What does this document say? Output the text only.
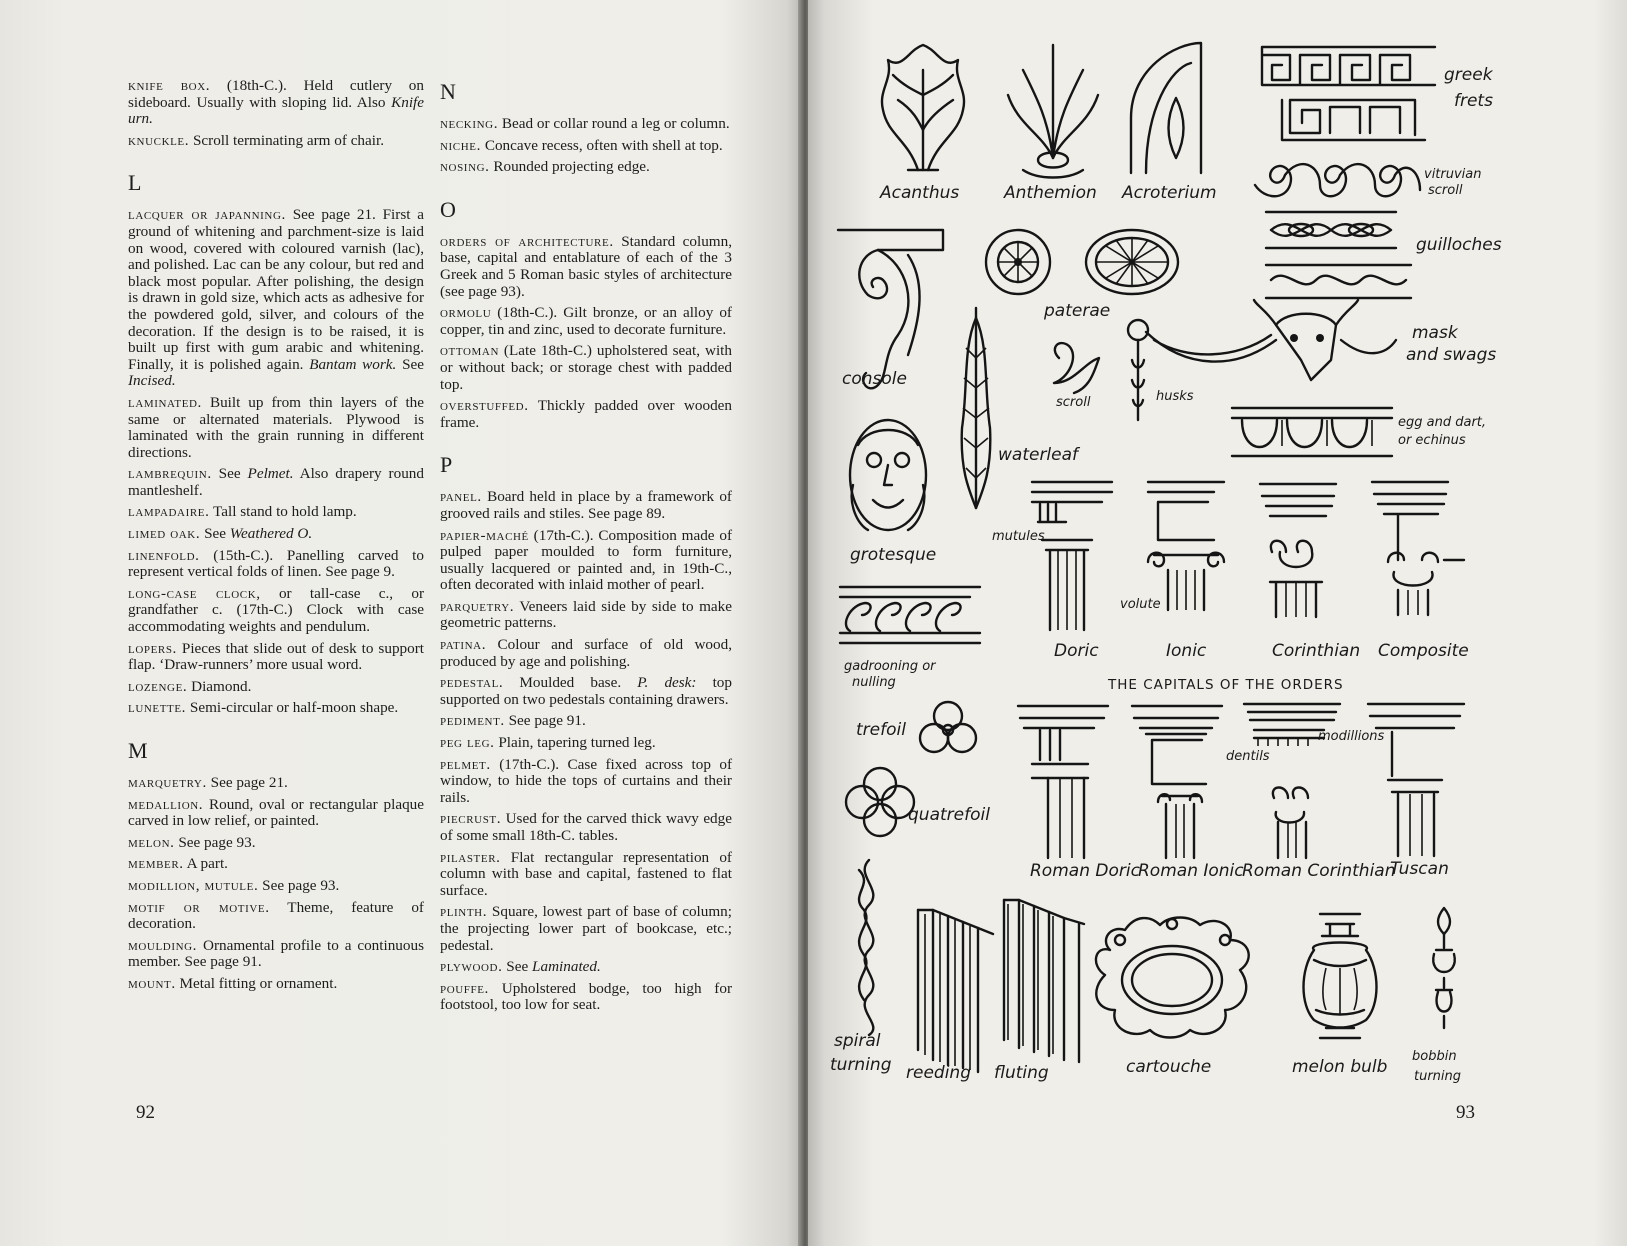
knife box. (18th-C.). Held cutlery on sideboard. Usually with sloping lid. Also Knife urn.
knuckle. Scroll terminating arm of chair.
L
lacquer or japanning. See page 21. First a ground of whitening and parchment-size is laid on wood, covered with coloured varnish (lac), and polished. Lac can be any colour, but red and black most popular. After polishing, the design is drawn in gold size, which acts as adhesive for the powdered gold, silver, and colours of the decoration. If the design is to be raised, it is built up first with gum arabic and whitening. Finally, it is polished again. Bantam work. See Incised.
laminated. Built up from thin layers of the same or alternated materials. Plywood is laminated with the grain running in different directions.
lambrequin. See Pelmet. Also drapery round mantleshelf.
lampadaire. Tall stand to hold lamp.
limed oak. See Weathered O.
linenfold. (15th-C.). Panelling carved to represent vertical folds of linen. See page 9.
long-case clock, or tall-case c., or grandfather c. (17th-C.) Clock with case accommodating weights and pendulum.
lopers. Pieces that slide out of desk to support flap. ‘Draw-runners’ more usual word.
lozenge. Diamond.
lunette. Semi-circular or half-moon shape.
M
marquetry. See page 21.
medallion. Round, oval or rectangular plaque carved in low relief, or painted.
melon. See page 93.
member. A part.
modillion, mutule. See page 93.
motif or motive. Theme, feature of decoration.
moulding. Ornamental profile to a continuous member. See page 91.
mount. Metal fitting or ornament.
N
necking. Bead or collar round a leg or column.
niche. Concave recess, often with shell at top.
nosing. Rounded projecting edge.
O
orders of architecture. Standard column, base, capital and entablature of each of the 3 Greek and 5 Roman basic styles of architecture (see page 93).
ormolu (18th-C.). Gilt bronze, or an alloy of copper, tin and zinc, used to decorate furniture.
ottoman (Late 18th-C.) upholstered seat, with or without back; or storage chest with padded top.
overstuffed. Thickly padded over wooden frame.
P
panel. Board held in place by a framework of grooved rails and stiles. See page 89.
papier-maché (17th-C.). Composition made of pulped paper moulded to form furniture, usually lacquered or painted and, in 19th-C., often decorated with inlaid mother of pearl.
parquetry. Veneers laid side by side to make geometric patterns.
patina. Colour and surface of old wood, produced by age and polishing.
pedestal. Moulded base. P. desk: top supported on two pedestals containing drawers.
pediment. See page 91.
peg leg. Plain, tapering turned leg.
pelmet. (17th-C.). Case fixed across top of window, to hide the tops of curtains and their rails.
piecrust. Used for the carved thick wavy edge of some small 18th-C. tables.
pilaster. Flat rectangular representation of column with base and capital, fastened to flat surface.
plinth. Square, lowest part of base of column; the projecting lower part of bookcase, etc.; pedestal.
plywood. See Laminated.
pouffe. Upholstered bodge, too high for footstool, too low for seat.
92	93
greek
frets
Acanthus	Anthemion Acroterium
vitruvian
scroll
guilloches
console
paterae
waterleaf
scroll	husks
mask
and swags
egg and dart,
or echinus
grotesque
mutules
Doric
volute
Ionic	Corinthian Composite
gadrooning or
nulling	THE CAPITALS OF THE ORDERS
trefoil
quatrefoil
Roman Doric
Roman Ionic
dentils
modillions
Roman Corinthian
Tuscan
spiral
turning reeding fluting	cartouche	melon bulb
bobbin
turning
